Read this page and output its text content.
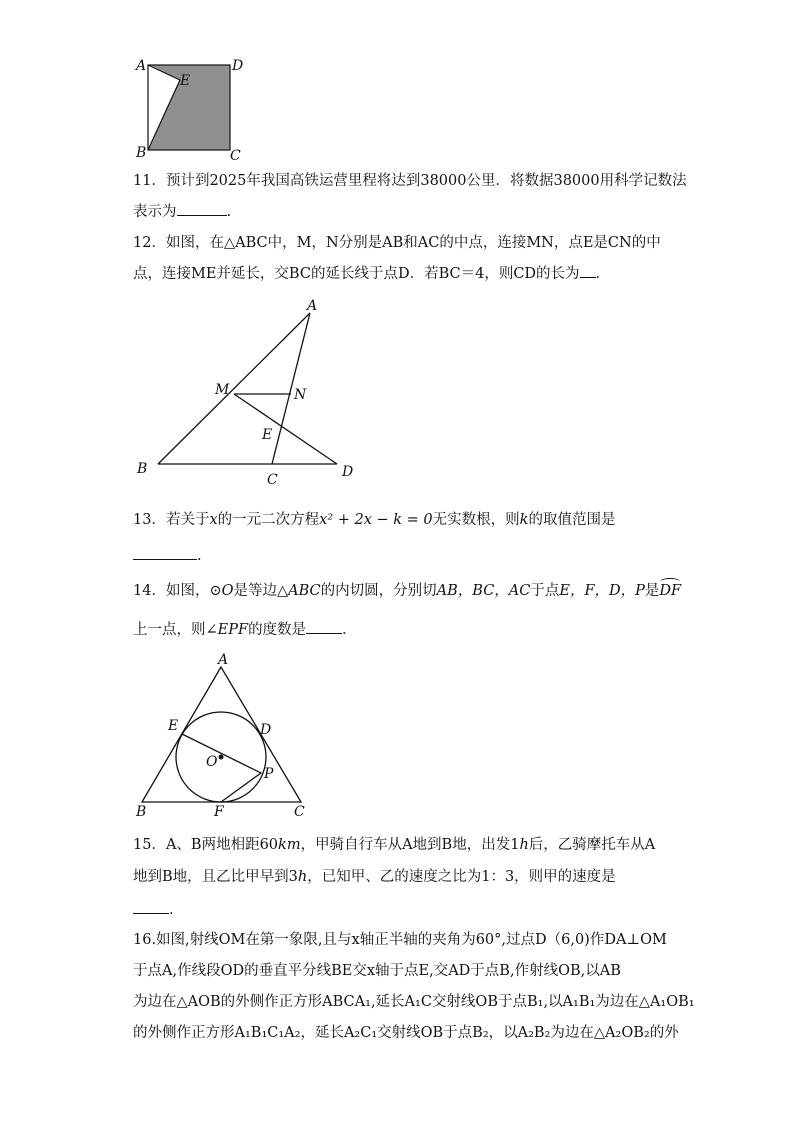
A	D
E
B	C
11．预计到2025年我国高铁运营里程将达到38000公里．将数据38000用科学记数法
表示为	.
12．如图，在△ABC中，M，N分别是AB和AC的中点，连接MN，点E是CN的中
点，连接ME并延长，交BC的延长线于点D．若BC＝4，则CD的长为 ．
A
M	N
E
B
C	D
13．若关于x的一元二次方程x² + 2x − k = 0无实数根，则k的取值范围是
.
14．如图，⊙O是等边△ABC的内切圆，分别切AB，BC，AC于点E，F，D，P是DF
上一点，则∠EPF的度数是 ．
A
E	D
O
P
B	F	C
15．A、B两地相距60km，甲骑自行车从A地到B地，出发1h后，乙骑摩托车从A
地到B地，且乙比甲早到3h，已知甲、乙的速度之比为1：3，则甲的速度是
.
16.如图,射线OM在第一象限,且与x轴正半轴的夹角为60°,过点D（6,0)作DA⊥OM
于点A,作线段OD的垂直平分线BE交x轴于点E,交AD于点B,作射线OB,以AB
为边在△AOB的外侧作正方形ABCA₁,延长A₁C交射线OB于点B₁,以A₁B₁为边在△A₁OB₁
的外侧作正方形A₁B₁C₁A₂，延长A₂C₁交射线OB于点B₂，以A₂B₂为边在△A₂OB₂的外
